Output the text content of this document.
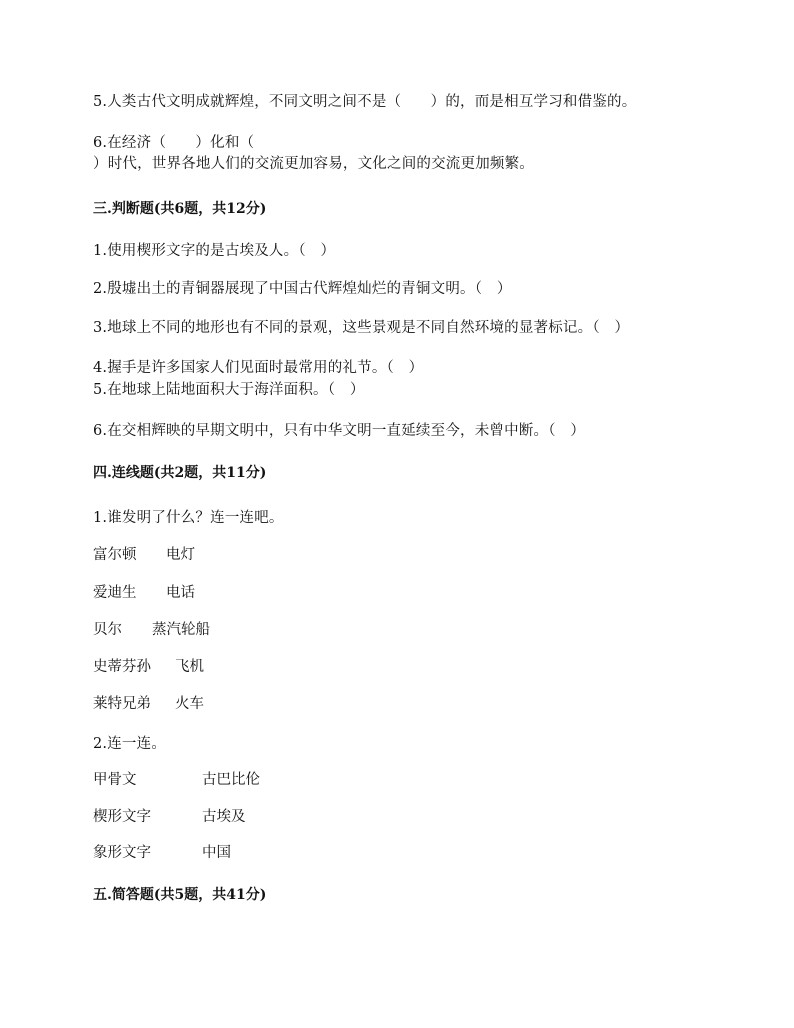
5.人类古代文明成就辉煌，不同文明之间不是（　　）的，而是相互学习和借鉴的。
6.在经济（　　）化和（
）时代，世界各地人们的交流更加容易，文化之间的交流更加频繁。
三.判断题(共6题，共12分)
1.使用楔形文字的是古埃及人。（　）
2.殷墟出土的青铜器展现了中国古代辉煌灿烂的青铜文明。（　）
3.地球上不同的地形也有不同的景观，这些景观是不同自然环境的显著标记。（　）
4.握手是许多国家人们见面时最常用的礼节。（　）
5.在地球上陆地面积大于海洋面积。（　）
6.在交相辉映的早期文明中，只有中华文明一直延续至今，未曾中断。（　）
四.连线题(共2题，共11分)
1.谁发明了什么？连一连吧。
富尔顿 电灯
爱迪生 电话
贝尔 蒸汽轮船
史蒂芬孙 飞机
莱特兄弟 火车
2.连一连。
甲骨文	古巴比伦
楔形文字	古埃及
象形文字	中国
五.简答题(共5题，共41分)
